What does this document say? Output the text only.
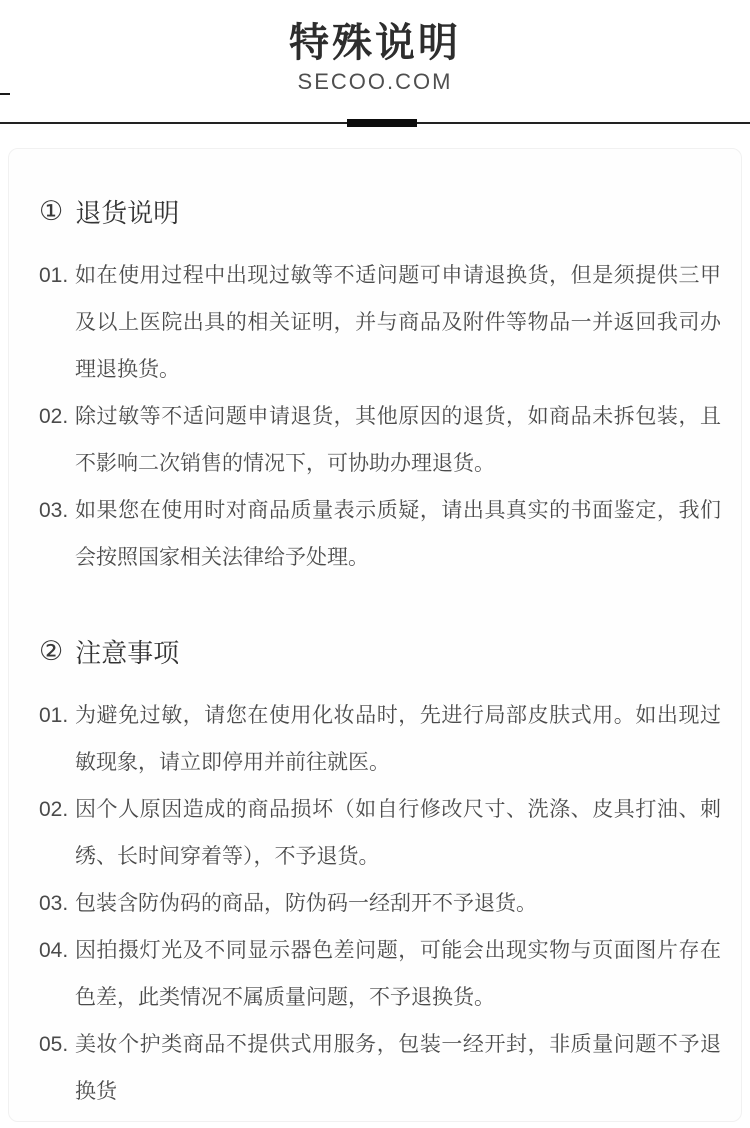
特殊说明
SECOO.COM
① 退货说明
01. 如在使用过程中出现过敏等不适问题可申请退换货，但是须提供三甲及以上医院出具的相关证明，并与商品及附件等物品一并返回我司办理退换货。
02. 除过敏等不适问题申请退货，其他原因的退货，如商品未拆包装，且不影响二次销售的情况下，可协助办理退货。
03. 如果您在使用时对商品质量表示质疑，请出具真实的书面鉴定，我们会按照国家相关法律给予处理。
② 注意事项
01. 为避免过敏，请您在使用化妆品时，先进行局部皮肤式用。如出现过敏现象，请立即停用并前往就医。
02. 因个人原因造成的商品损坏（如自行修改尺寸、洗涤、皮具打油、刺绣、长时间穿着等），不予退货。
03. 包装含防伪码的商品，防伪码一经刮开不予退货。
04. 因拍摄灯光及不同显示器色差问题，可能会出现实物与页面图片存在色差，此类情况不属质量问题，不予退换货。
05. 美妆个护类商品不提供式用服务，包装一经开封，非质量问题不予退换货
